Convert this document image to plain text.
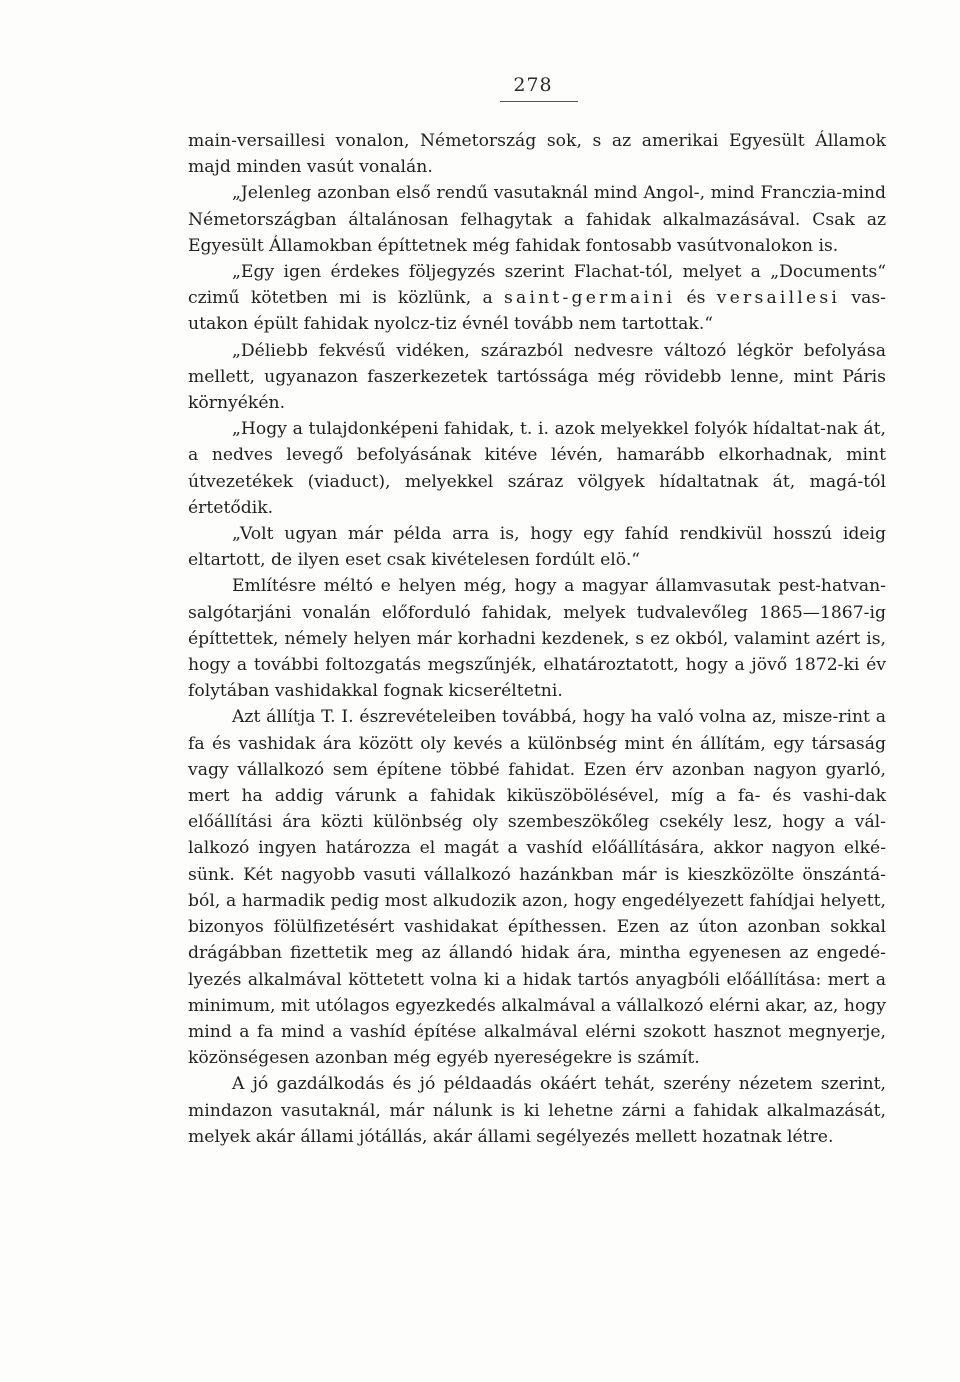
278

main-versaillesi vonalon, Németország sok, s az amerikai Egyesült Államok majd minden vasút vonalán.

„Jelenleg azonban első rendű vasutaknál mind Angol-, mind Franczia-mind Németországban általánosan felhagytak a fahidak alkalmazásával. Csak az Egyesült Államokban építtetnek még fahidak fontosabb vasútvonalokon is.

„Egy igen érdekes följegyzés szerint Flachat-tól, melyet a „Documents“ czimű kötetben mi is közlünk, a saint-germaini és versaillesi vas-utakon épült fahidak nyolcz-tiz évnél tovább nem tartottak.“

„Déliebb fekvésű vidéken, szárazból nedvesre változó légkör befolyása mellett, ugyanazon faszerkezetek tartóssága még rövidebb lenne, mint Páris környékén.

„Hogy a tulajdonképeni fahidak, t. i. azok melyekkel folyók hídaltat-nak át, a nedves levegő befolyásának kitéve lévén, hamarább elkorhadnak, mint útvezetékek (viaduct), melyekkel száraz völgyek hídaltatnak át, magá-tól értetődik.

„Volt ugyan már példa arra is, hogy egy fahíd rendkivül hosszú ideig eltartott, de ilyen eset csak kivételesen fordúlt elö.“

Említésre méltó e helyen még, hogy a magyar államvasutak pest-hatvan-salgótarjáni vonalán előforduló fahidak, melyek tudvalevőleg 1865—1867-ig építtettek, némely helyen már korhadni kezdenek, s ez okból, valamint azért is, hogy a további foltozgatás megszűnjék, elhatároztatott, hogy a jövő 1872-ki év folytában vashidakkal fognak kicseréltetni.

Azt állítja T. I. észrevételeiben továbbá, hogy ha való volna az, misze-rint a fa és vashidak ára között oly kevés a különbség mint én állítám, egy társaság vagy vállalkozó sem építene többé fahidat. Ezen érv azonban nagyon gyarló, mert ha addig várunk a fahidak kiküszöbölésével, míg a fa- és vashi-dak előállítási ára közti különbség oly szembeszökőleg csekély lesz, hogy a vál-lalkozó ingyen határozza el magát a vashíd előállítására, akkor nagyon elké-sünk. Két nagyobb vasuti vállalkozó hazánkban már is kieszközölte önszántá-ból, a harmadik pedig most alkudozik azon, hogy engedélyezett fahídjai helyett, bizonyos fölülfizetésért vashidakat építhessen. Ezen az úton azonban sokkal drágábban fizettetik meg az állandó hidak ára, mintha egyenesen az engedé-lyezés alkalmával köttetett volna ki a hidak tartós anyagbóli előállítása: mert a minimum, mit utólagos egyezkedés alkalmával a vállalkozó elérni akar, az, hogy mind a fa mind a vashíd építése alkalmával elérni szokott hasznot megnyerje, közönségesen azonban még egyéb nyereségekre is számít.

A jó gazdálkodás és jó példaadás okáért tehát, szerény nézetem szerint, mindazon vasutaknál, már nálunk is ki lehetne zárni a fahidak alkalmazását, melyek akár állami jótállás, akár állami segélyezés mellett hozatnak létre.
